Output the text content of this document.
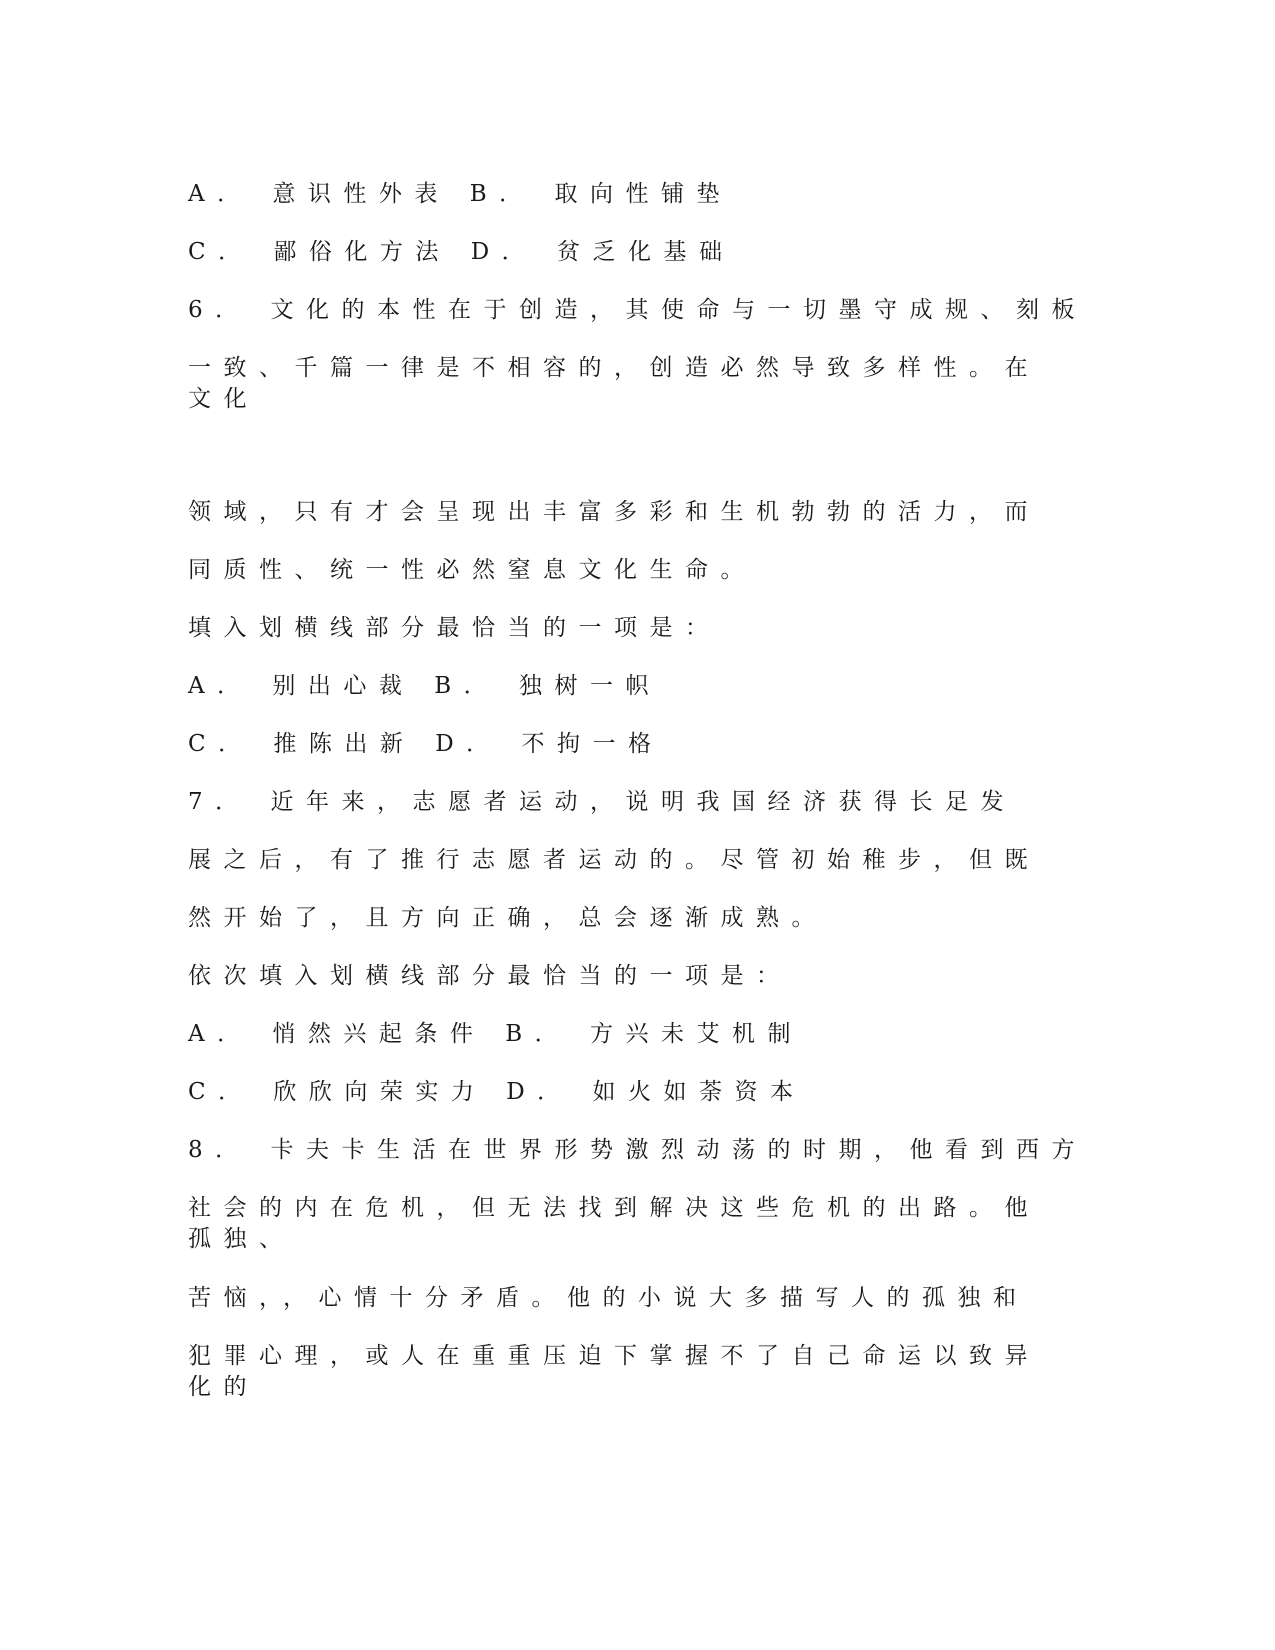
A． 意识性外表 B． 取向性铺垫
C． 鄙俗化方法 D． 贫乏化基础
6． 文化的本性在于创造，其使命与一切墨守成规、刻板
一致、千篇一律是不相容的，创造必然导致多样性。在
文化
领域，只有才会呈现出丰富多彩和生机勃勃的活力，而
同质性、统一性必然窒息文化生命。
填入划横线部分最恰当的一项是：
A． 别出心裁 B． 独树一帜
C． 推陈出新 D． 不拘一格
7． 近年来，志愿者运动，说明我国经济获得长足发
展之后，有了推行志愿者运动的。尽管初始稚步，但既
然开始了，且方向正确，总会逐渐成熟。
依次填入划横线部分最恰当的一项是：
A． 悄然兴起条件 B． 方兴未艾机制
C． 欣欣向荣实力 D． 如火如荼资本
8． 卡夫卡生活在世界形势激烈动荡的时期，他看到西方
社会的内在危机，但无法找到解决这些危机的出路。他
孤独、
苦恼，，心情十分矛盾。他的小说大多描写人的孤独和
犯罪心理，或人在重重压迫下掌握不了自己命运以致异
化的
